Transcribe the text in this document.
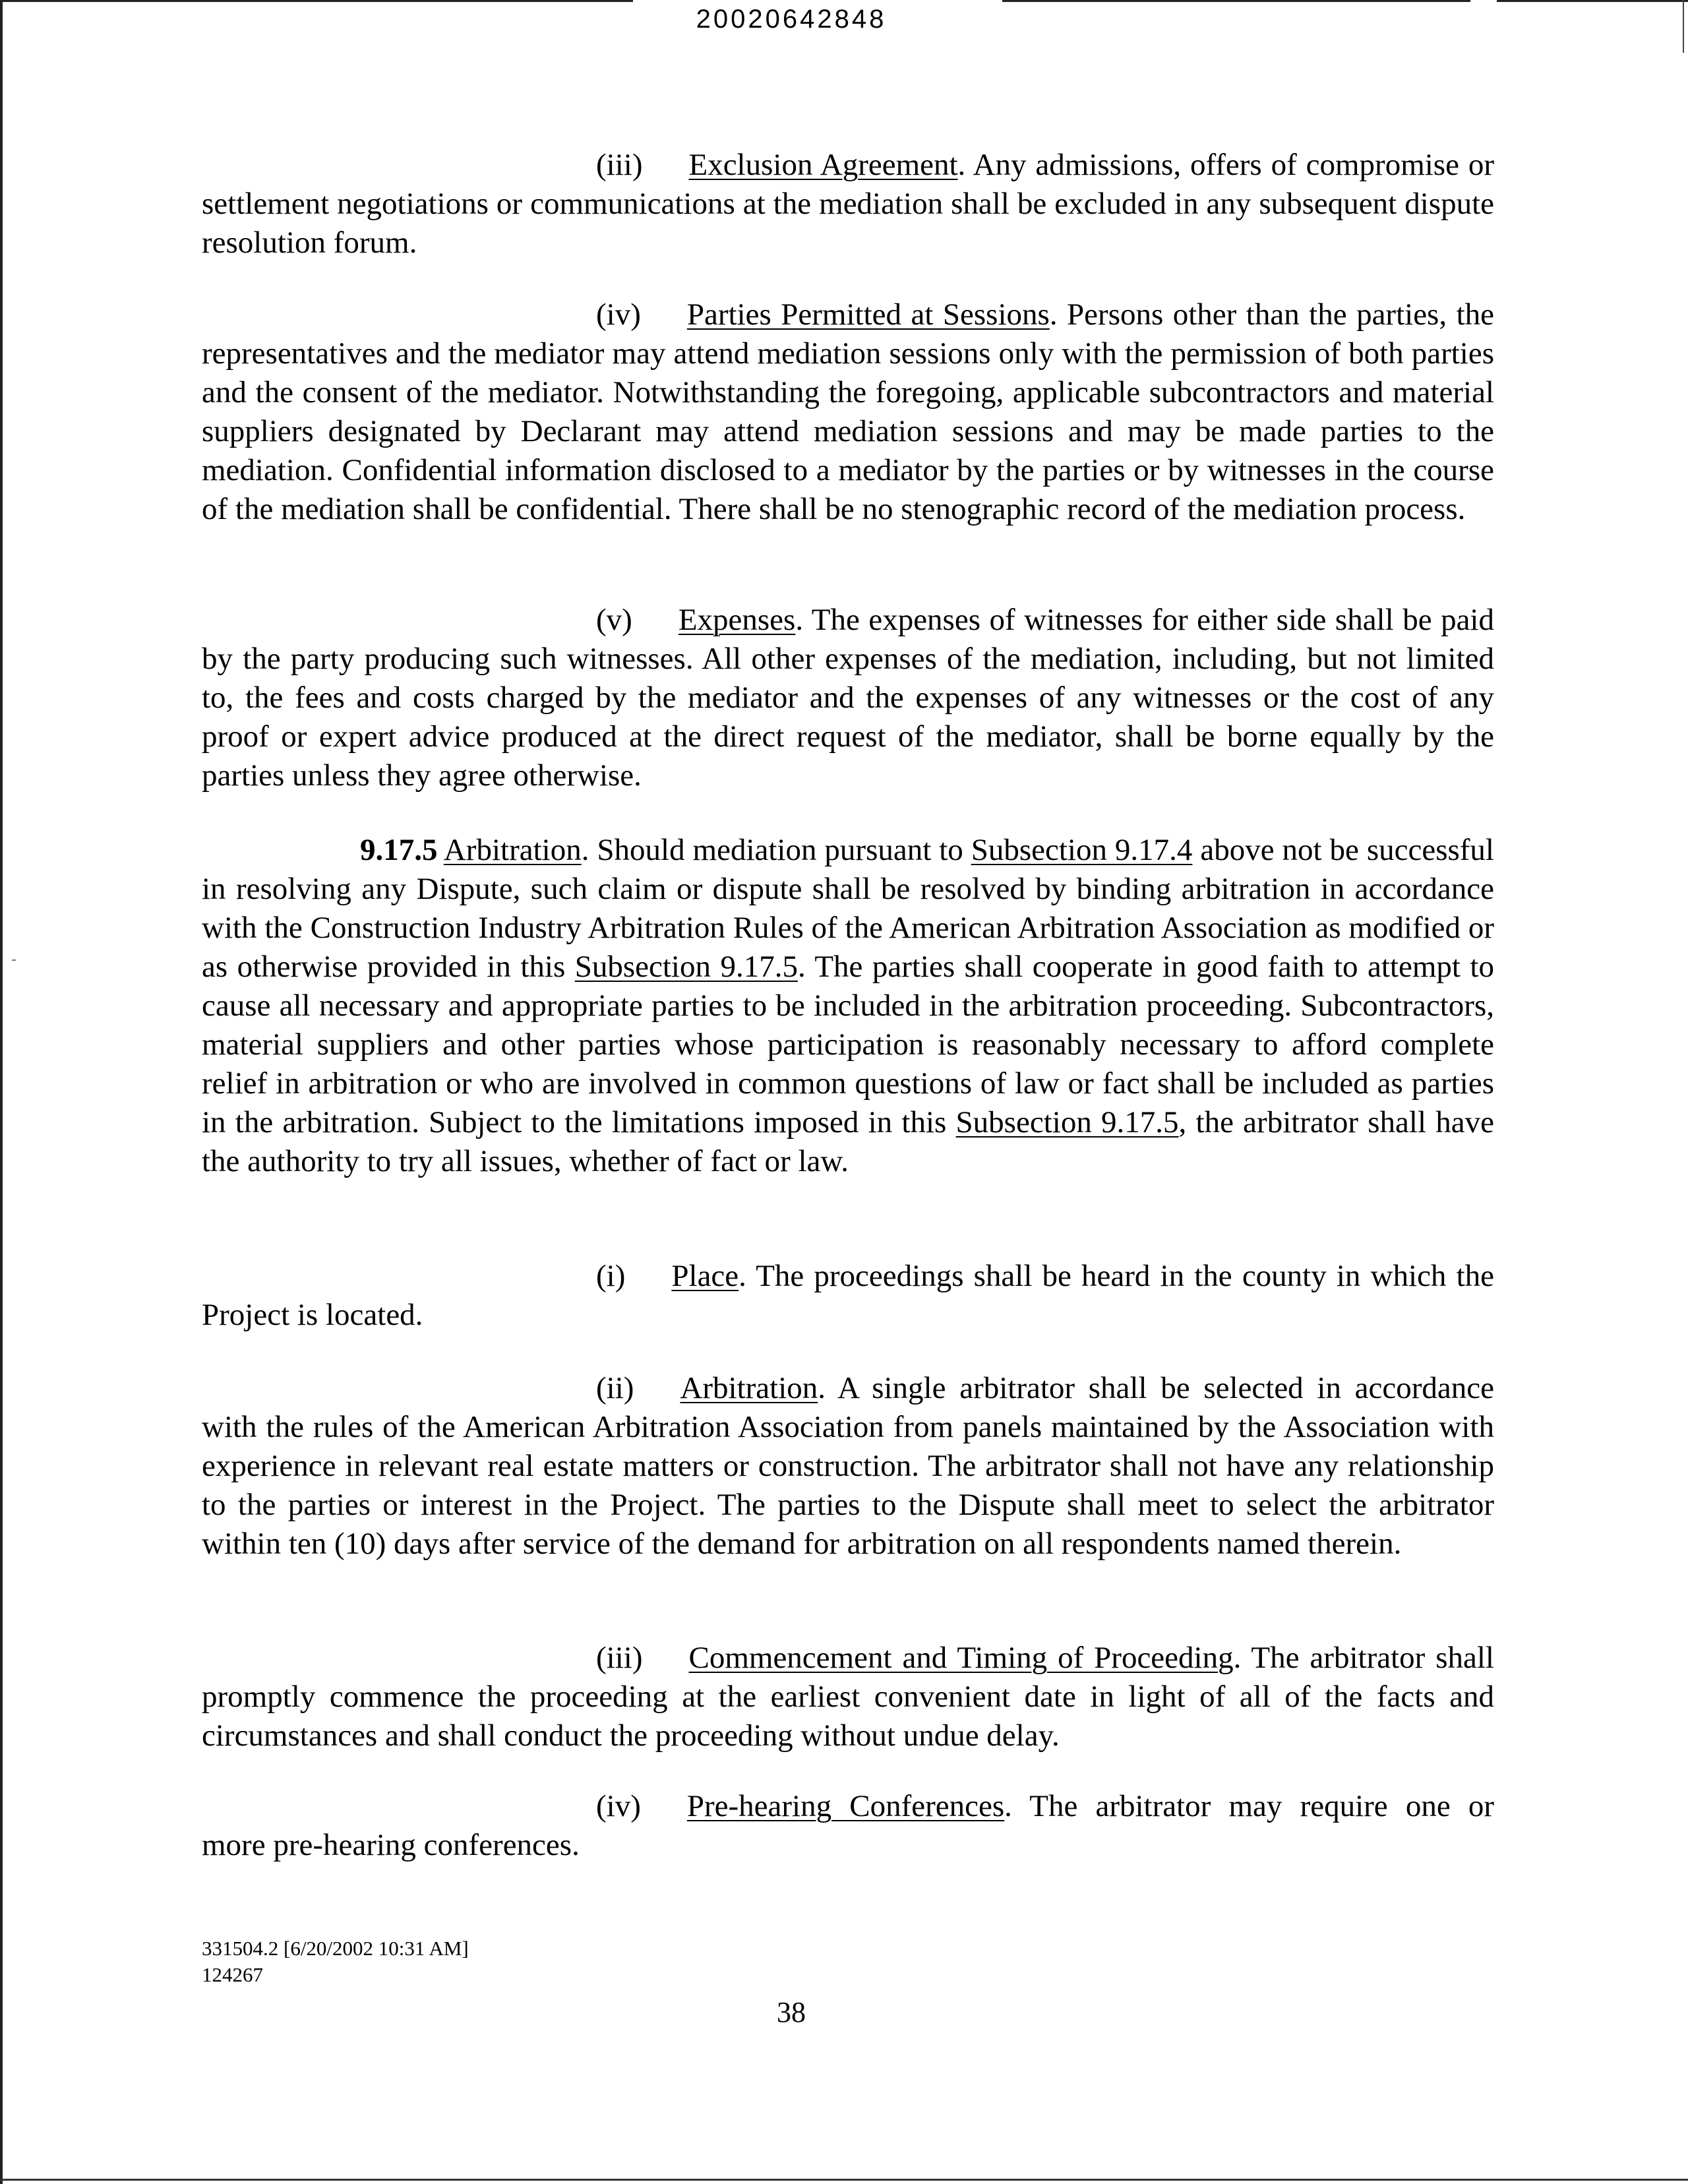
20020642848

(iii) Exclusion Agreement. Any admissions, offers of compromise or settlement negotiations or communications at the mediation shall be excluded in any subsequent dispute resolution forum.

(iv) Parties Permitted at Sessions. Persons other than the parties, the representatives and the mediator may attend mediation sessions only with the permission of both parties and the consent of the mediator. Notwithstanding the foregoing, applicable subcontractors and material suppliers designated by Declarant may attend mediation sessions and may be made parties to the mediation. Confidential information disclosed to a mediator by the parties or by witnesses in the course of the mediation shall be confidential. There shall be no stenographic record of the mediation process.

(v) Expenses. The expenses of witnesses for either side shall be paid by the party producing such witnesses. All other expenses of the mediation, including, but not limited to, the fees and costs charged by the mediator and the expenses of any witnesses or the cost of any proof or expert advice produced at the direct request of the mediator, shall be borne equally by the parties unless they agree otherwise.

9.17.5 Arbitration. Should mediation pursuant to Subsection 9.17.4 above not be successful in resolving any Dispute, such claim or dispute shall be resolved by binding arbitration in accordance with the Construction Industry Arbitration Rules of the American Arbitration Association as modified or as otherwise provided in this Subsection 9.17.5. The parties shall cooperate in good faith to attempt to cause all necessary and appropriate parties to be included in the arbitration proceeding. Subcontractors, material suppliers and other parties whose participation is reasonably necessary to afford complete relief in arbitration or who are involved in common questions of law or fact shall be included as parties in the arbitration. Subject to the limitations imposed in this Subsection 9.17.5, the arbitrator shall have the authority to try all issues, whether of fact or law.

(i) Place. The proceedings shall be heard in the county in which the Project is located.

(ii) Arbitration. A single arbitrator shall be selected in accordance with the rules of the American Arbitration Association from panels maintained by the Association with experience in relevant real estate matters or construction. The arbitrator shall not have any relationship to the parties or interest in the Project. The parties to the Dispute shall meet to select the arbitrator within ten (10) days after service of the demand for arbitration on all respondents named therein.

(iii) Commencement and Timing of Proceeding. The arbitrator shall promptly commence the proceeding at the earliest convenient date in light of all of the facts and circumstances and shall conduct the proceeding without undue delay.

(iv) Pre-hearing Conferences. The arbitrator may require one or more pre-hearing conferences.

331504.2 [6/20/2002 10:31 AM]
124267
38
